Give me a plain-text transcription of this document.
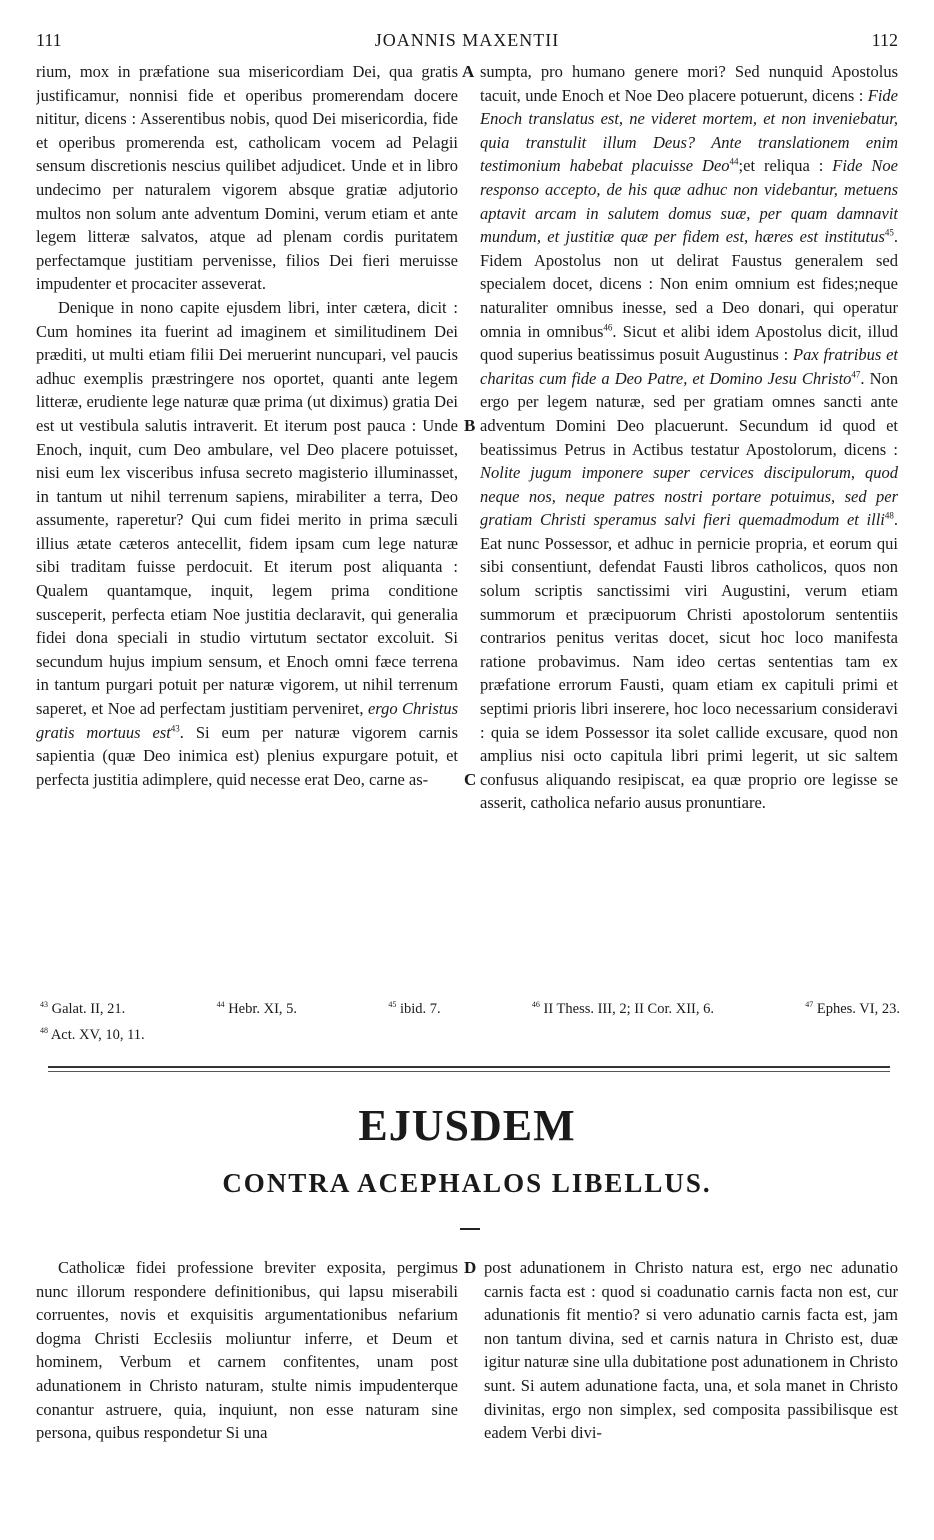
111	JOANNIS MAXENTII	112
A
B
C
D

rium, mox in præfatione sua misericordiam Dei, qua gratis justificamur, nonnisi fide et operibus promerendam docere nititur, dicens : Asserentibus nobis, quod Dei misericordia, fide et operibus promerenda est, catholicam vocem ad Pelagii sensum discretionis nescius quilibet adjudicet. Unde et in libro undecimo per naturalem vigorem absque gratiæ adjutorio multos non solum ante adventum Domini, verum etiam et ante legem litteræ salvatos, atque ad plenam cordis puritatem perfectamque justitiam pervenisse, filios Dei fieri meruisse impudenter et procaciter asseverat.

Denique in nono capite ejusdem libri, inter cætera, dicit : Cum homines ita fuerint ad imaginem et similitudinem Dei præditi, ut multi etiam filii Dei meruerint nuncupari, vel paucis adhuc exemplis præstringere nos oportet, quanti ante legem litteræ, erudiente lege naturæ quæ prima (ut diximus) gratia Dei est ut vestibula salutis intraverit. Et iterum post pauca : Unde Enoch, inquit, cum Deo ambulare, vel Deo placere potuisset, nisi eum lex visceribus infusa secreto magisterio illuminasset, in tantum ut nihil terrenum sapiens, mirabiliter a terra, Deo assumente, raperetur? Qui cum fidei merito in prima sæculi illius ætate cæteros antecellit, fidem ipsam cum lege naturæ sibi traditam fuisse perdocuit. Et iterum post aliquanta : Qualem quantamque, inquit, legem prima conditione susceperit, perfecta etiam Noe justitia declaravit, qui generalia fidei dona speciali in studio virtutum sectator excoluit. Si secundum hujus impium sensum, et Enoch omni fæce terrena in tantum purgari potuit per naturæ vigorem, ut nihil terrenum saperet, et Noe ad perfectam justitiam perveniret, ergo Christus gratis mortuus est$^{43}$. Si eum per naturæ vigorem carnis sapientia (quæ Deo inimica est) plenius expurgare potuit, et perfecta justitia adimplere, quid necesse erat Deo, carne as-

sumpta, pro humano genere mori? Sed nunquid Apostolus tacuit, unde Enoch et Noe Deo placere potuerunt, dicens : Fide Enoch translatus est, ne videret mortem, et non inveniebatur, quia transtulit illum Deus? Ante translationem enim testimonium habebat placuisse Deo$^{44}$;et reliqua : Fide Noe responso accepto, de his quæ adhuc non videbantur, metuens aptavit arcam in salutem domus suæ, per quam damnavit mundum, et justitiæ quæ per fidem est, hæres est institutus$^{45}$. Fidem Apostolus non ut delirat Faustus generalem sed specialem docet, dicens : Non enim omnium est fides;neque naturaliter omnibus inesse, sed a Deo donari, qui operatur omnia in omnibus$^{46}$. Sicut et alibi idem Apostolus dicit, illud quod superius beatissimus posuit Augustinus : Pax fratribus et charitas cum fide a Deo Patre, et Domino Jesu Christo$^{47}$. Non ergo per legem naturæ, sed per gratiam omnes sancti ante adventum Domini Deo placuerunt. Secundum id quod et beatissimus Petrus in Actibus testatur Apostolorum, dicens : Nolite jugum imponere super cervices discipulorum, quod neque nos, neque patres nostri portare potuimus, sed per gratiam Christi speramus salvi fieri quemadmodum et illi$^{48}$. Eat nunc Possessor, et adhuc in pernicie propria, et eorum qui sibi consentiunt, defendat Fausti libros catholicos, quos non solum scriptis sanctissimi viri Augustini, verum etiam summorum et præcipuorum Christi apostolorum sententiis contrarios penitus veritas docet, sicut hoc loco manifesta ratione probavimus. Nam ideo certas sententias tam ex præfatione errorum Fausti, quam etiam ex capituli primi et septimi prioris libri inserere, hoc loco necessarium consideravi : quia se idem Possessor ita solet callide excusare, quod non amplius nisi octo capitula libri primi legerit, ut sic saltem confusus aliquando resipiscat, ea quæ proprio ore legisse se asserit, catholica nefario ausus pronuntiare.

$^{43}$ Galat. II, 21.	$^{44}$ Hebr. XI, 5.	$^{45}$ ibid. 7.	$^{46}$ II Thess. III, 2; II Cor. XII, 6.	$^{47}$ Ephes. VI, 23.
$^{48}$ Act. XV, 10, 11.
EJUSDEM
CONTRA ACEPHALOS LIBELLUS.

Catholicæ fidei professione breviter exposita, pergimus nunc illorum respondere definitionibus, qui lapsu miserabili corruentes, novis et exquisitis argumentationibus nefarium dogma Christi Ecclesiis moliuntur inferre, et Deum et hominem, Verbum et carnem confitentes, unam post adunationem in Christo naturam, stulte nimis impudenterque conantur astruere, quia, inquiunt, non esse naturam sine persona, quibus respondetur Si una

post adunationem in Christo natura est, ergo nec adunatio carnis facta est : quod si coadunatio carnis facta non est, cur adunationis fit mentio? si vero adunatio carnis facta est, jam non tantum divina, sed et carnis natura in Christo est, duæ igitur naturæ sine ulla dubitatione post adunationem in Christo sunt. Si autem adunatione facta, una, et sola manet in Christo divinitas, ergo non simplex, sed composita passibilisque est eadem Verbi divi-
